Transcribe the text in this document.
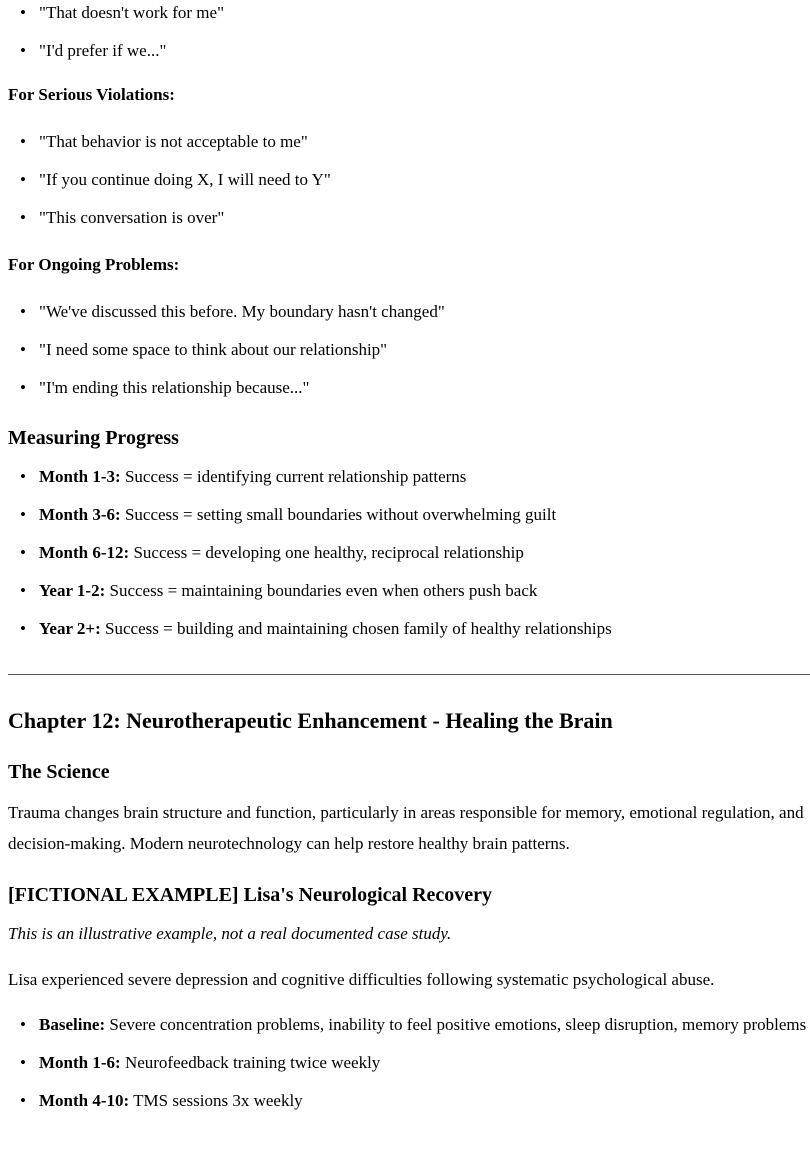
• "That doesn't work for me"
• "I'd prefer if we..."
For Serious Violations:
• "That behavior is not acceptable to me"
• "If you continue doing X, I will need to Y"
• "This conversation is over"
For Ongoing Problems:
• "We've discussed this before. My boundary hasn't changed"
• "I need some space to think about our relationship"
• "I'm ending this relationship because..."
Measuring Progress
• Month 1-3: Success = identifying current relationship patterns
• Month 3-6: Success = setting small boundaries without overwhelming guilt
• Month 6-12: Success = developing one healthy, reciprocal relationship
• Year 1-2: Success = maintaining boundaries even when others push back
• Year 2+: Success = building and maintaining chosen family of healthy relationships
Chapter 12: Neurotherapeutic Enhancement - Healing the Brain
The Science

Trauma changes brain structure and function, particularly in areas responsible for memory, emotional regulation, and decision-making. Modern neurotechnology can help restore healthy brain patterns.

[FICTIONAL EXAMPLE] Lisa's Neurological Recovery

This is an illustrative example, not a real documented case study.

Lisa experienced severe depression and cognitive difficulties following systematic psychological abuse.

• Baseline: Severe concentration problems, inability to feel positive emotions, sleep disruption, memory problems
• Month 1-6: Neurofeedback training twice weekly
• Month 4-10: TMS sessions 3x weekly
